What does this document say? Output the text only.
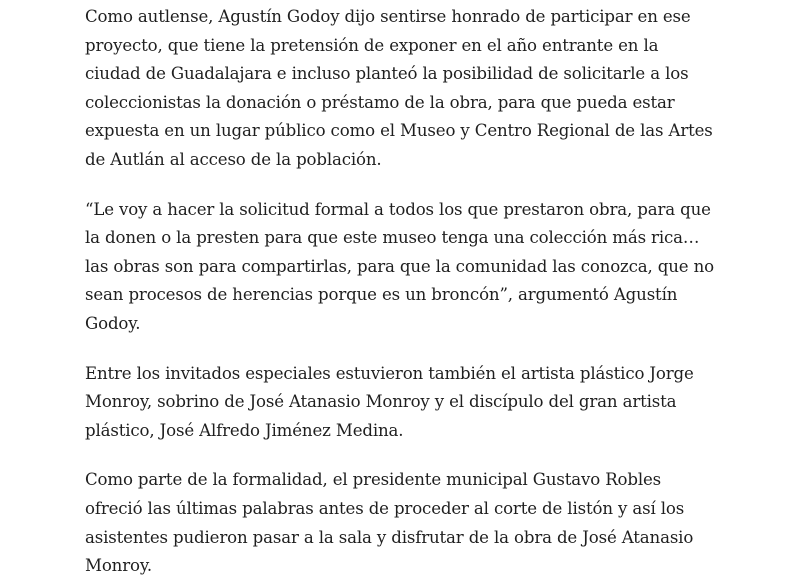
Como autlense, Agustín Godoy dijo sentirse honrado de participar en ese proyecto, que tiene la pretensión de exponer en el año entrante en la ciudad de Guadalajara e incluso planteó la posibilidad de solicitarle a los coleccionistas la donación o préstamo de la obra, para que pueda estar expuesta en un lugar público como el Museo y Centro Regional de las Artes de Autlán al acceso de la población.

“Le voy a hacer la solicitud formal a todos los que prestaron obra, para que la donen o la presten para que este museo tenga una colección más rica… las obras son para compartirlas, para que la comunidad las conozca, que no sean procesos de herencias porque es un broncón”, argumentó Agustín Godoy.

Entre los invitados especiales estuvieron también el artista plástico Jorge Monroy, sobrino de José Atanasio Monroy y el discípulo del gran artista plástico, José Alfredo Jiménez Medina.

Como parte de la formalidad, el presidente municipal Gustavo Robles ofreció las últimas palabras antes de proceder al corte de listón y así los asistentes pudieron pasar a la sala y disfrutar de la obra de José Atanasio Monroy.
